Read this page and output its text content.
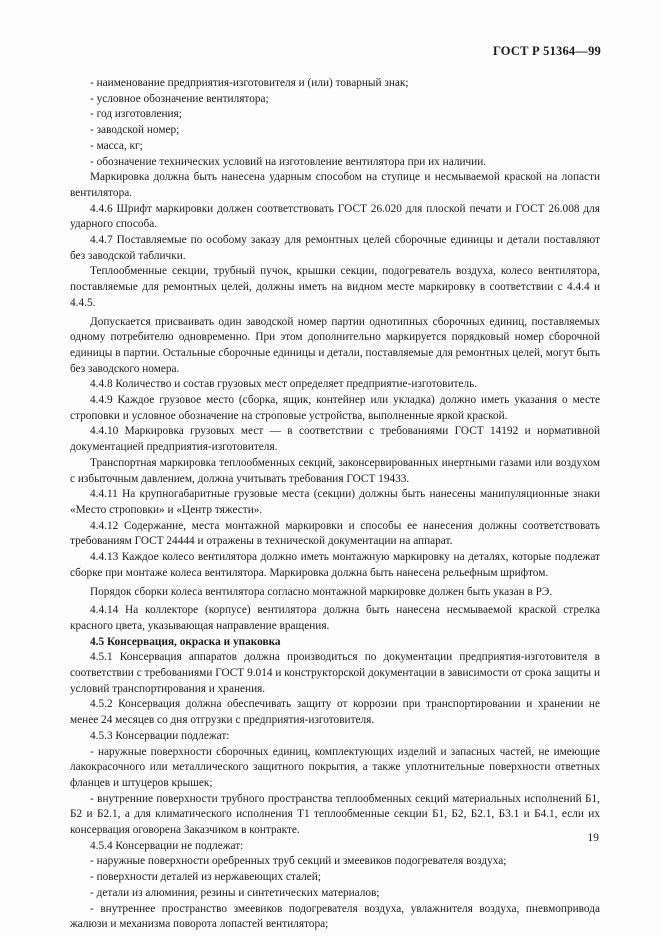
ГОСТ Р 51364—99

- наименование предприятия-изготовителя и (или) товарный знак;

- условное обозначение вентилятора;

- год изготовления;

- заводской номер;

- масса, кг;

- обозначение технических условий на изготовление вентилятора при их наличии.

Маркировка должна быть нанесена ударным способом на ступице и несмываемой краской на лопасти вентилятора.

4.4.6 Шрифт маркировки должен соответствовать ГОСТ 26.020 для плоской печати и ГОСТ 26.008 для ударного способа.

4.4.7 Поставляемые по особому заказу для ремонтных целей сборочные единицы и детали поставляют без заводской таблички.

Теплообменные секции, трубный пучок, крышки секции, подогреватель воздуха, колесо вентилятора, поставляемые для ремонтных целей, должны иметь на видном месте маркировку в соответствии с 4.4.4 и 4.4.5.

Допускается присваивать один заводской номер партии однотипных сборочных единиц, поставляемых одному потребителю одновременно. При этом дополнительно маркируется порядковый номер сборочной единицы в партии. Остальные сборочные единицы и детали, поставляемые для ремонтных целей, могут быть без заводского номера.

4.4.8 Количество и состав грузовых мест определяет предприятие-изготовитель.

4.4.9 Каждое грузовое место (сборка, ящик, контейнер или укладка) должно иметь указания о месте строповки и условное обозначение на строповые устройства, выполненные яркой краской.

4.4.10 Маркировка грузовых мест — в соответствии с требованиями ГОСТ 14192 и нормативной документацией предприятия-изготовителя.

Транспортная маркировка теплообменных секций, законсервированных инертными газами или воздухом с избыточным давлением, должна учитывать требования ГОСТ 19433.

4.4.11 На крупногабаритные грузовые места (секции) должны быть нанесены манипуляционные знаки «Место строповки» и «Центр тяжести».

4.4.12 Содержание, места монтажной маркировки и способы ее нанесения должны соответствовать требованиям ГОСТ 24444 и отражены в технической документации на аппарат.

4.4.13 Каждое колесо вентилятора должно иметь монтажную маркировку на деталях, которые подлежат сборке при монтаже колеса вентилятора. Маркировка должна быть нанесена рельефным шрифтом.

Порядок сборки колеса вентилятора согласно монтажной маркировке должен быть указан в РЭ.

4.4.14 На коллекторе (корпусе) вентилятора должна быть нанесена несмываемой краской стрелка красного цвета, указывающая направление вращения.

4.5 Консервация, окраска и упаковка

4.5.1 Консервация аппаратов должна производиться по документации предприятия-изготовителя в соответствии с требованиями ГОСТ 9.014 и конструкторской документации в зависимости от срока защиты и условий транспортирования и хранения.

4.5.2 Консервация должна обеспечивать защиту от коррозии при транспортировании и хранении не менее 24 месяцев со дня отгрузки с предприятия-изготовителя.

4.5.3 Консервации подлежат:

- наружные поверхности сборочных единиц, комплектующих изделий и запасных частей, не имеющие лакокрасочного или металлического защитного покрытия, а также уплотнительные поверхности ответных фланцев и штуцеров крышек;

- внутренние поверхности трубного пространства теплообменных секций материальных исполнений Б1, Б2 и Б2.1, а для климатического исполнения Т1 теплообменные секции Б1, Б2, Б2.1, Б3.1 и Б4.1, если их консервация оговорена Заказчиком в контракте.

4.5.4 Консервации не подлежат:

- наружные поверхности оребренных труб секций и змеевиков подогревателя воздуха;

- поверхности деталей из нержавеющих сталей;

- детали из алюминия, резины и синтетических материалов;

- внутреннее пространство змеевиков подогревателя воздуха, увлажнителя воздуха, пневмопривода жалюзи и механизма поворота лопастей вентилятора;

19
